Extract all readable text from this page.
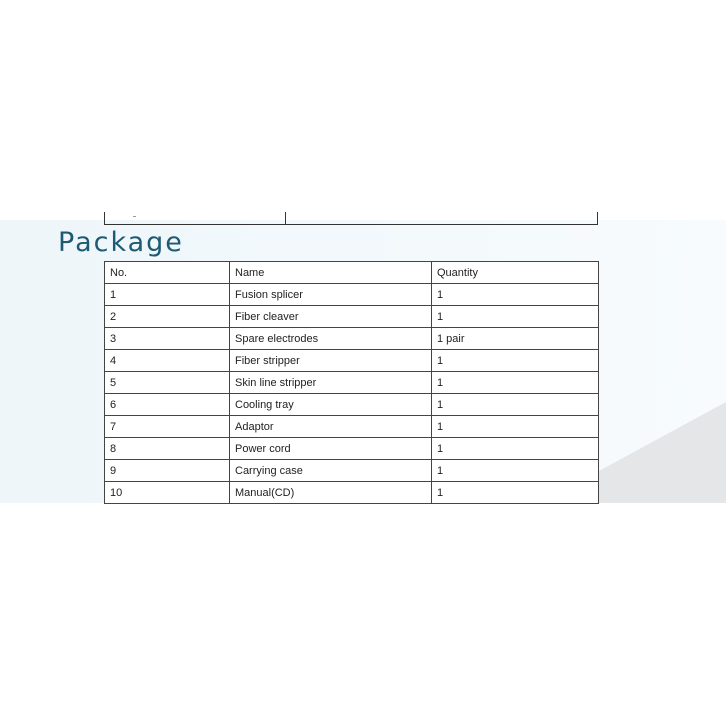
Package
No.	Name	Quantity
1	Fusion splicer	1
2	Fiber cleaver	1
3	Spare electrodes	1 pair
4	Fiber stripper	1
5	Skin line stripper	1
6	Cooling tray	1
7	Adaptor	1
8	Power cord	1
9	Carrying case	1
10	Manual(CD)	1
